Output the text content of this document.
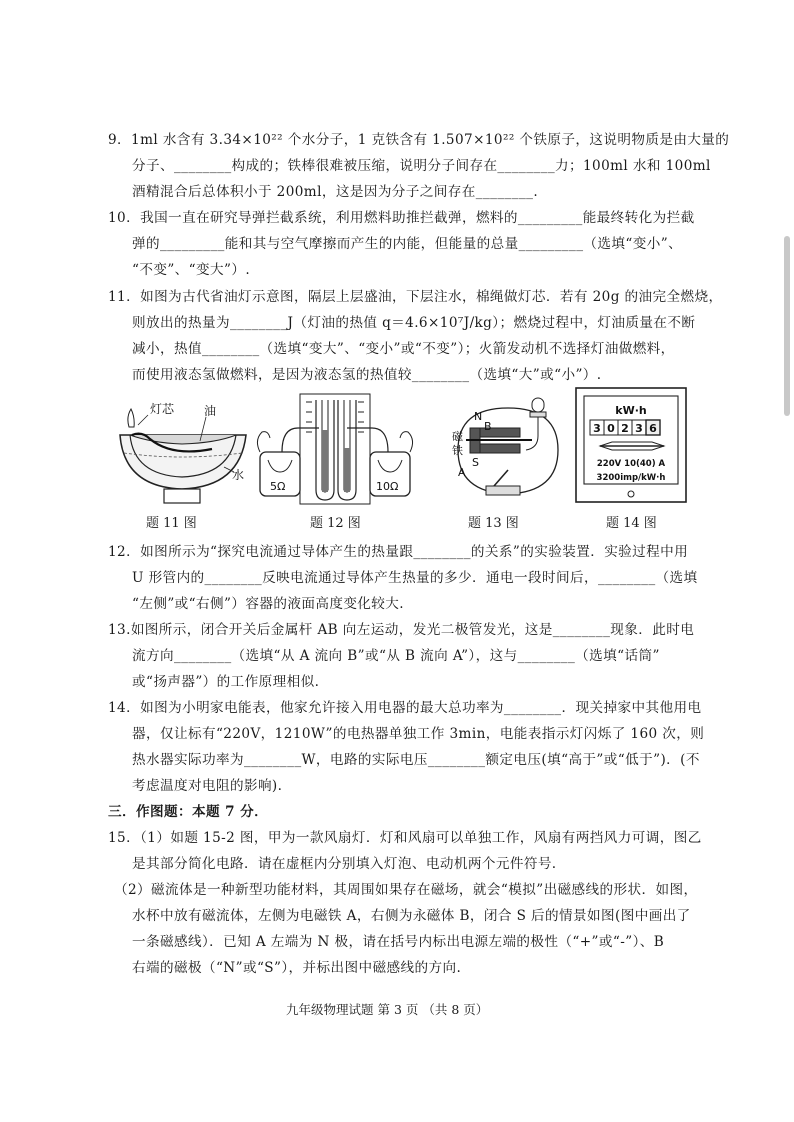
9．1ml 水含有 3.34×10²² 个水分子，1 克铁含有 1.507×10²² 个铁原子，这说明物质是由大量的
分子、________构成的；铁棒很难被压缩，说明分子间存在________力；100ml 水和 100ml
酒精混合后总体积小于 200ml，这是因为分子之间存在________.
10．我国一直在研究导弹拦截系统，利用燃料助推拦截弹，燃料的_________能最终转化为拦截
弹的_________能和其与空气摩擦而产生的内能，但能量的总量_________（选填“变小”、
“不变”、“变大”）.
11．如图为古代省油灯示意图，隔层上层盛油，下层注水，棉绳做灯芯．若有 20g 的油完全燃烧，
则放出的热量为________J（灯油的热值 q＝4.6×10⁷J/kg）；燃烧过程中，灯油质量在不断
减小，热值________（选填“变大”、“变小”或“不变”）；火箭发动机不选择灯油做燃料，
而使用液态氢做燃料，是因为液态氢的热值较________（选填“大”或“小”）.
灯芯 油
水
5Ω	10Ω
N
B
磁
铁
A
S
kW·h
3 0 2 3 6
220V 10(40) A
3200imp/kW·h
题 11 图	题 12 图	题 13 图	题 14 图
12．如图所示为“探究电流通过导体产生的热量跟________的关系”的实验装置．实验过程中用
U 形管内的________反映电流通过导体产生热量的多少．通电一段时间后，________（选填
“左侧”或“右侧”）容器的液面高度变化较大.
13.如图所示，闭合开关后金属杆 AB 向左运动，发光二极管发光，这是________现象．此时电
流方向________（选填“从 A 流向 B”或“从 B 流向 A”），这与________（选填“话筒”
或“扬声器”）的工作原理相似.
14．如图为小明家电能表，他家允许接入用电器的最大总功率为________．现关掉家中其他用电
器，仅让标有“220V，1210W”的电热器单独工作 3min，电能表指示灯闪烁了 160 次，则
热水器实际功率为________W，电路的实际电压________额定电压(填“高于”或“低于”)．(不
考虑温度对电阻的影响).
三．作图题：本题 7 分．
15．（1）如题 15-2 图，甲为一款风扇灯．灯和风扇可以单独工作，风扇有两挡风力可调，图乙
是其部分简化电路．请在虚框内分别填入灯泡、电动机两个元件符号.
（2）磁流体是一种新型功能材料，其周围如果存在磁场，就会“模拟”出磁感线的形状．如图，
水杯中放有磁流体，左侧为电磁铁 A，右侧为永磁体 B，闭合 S 后的情景如图(图中画出了
一条磁感线）．已知 A 左端为 N 极，请在括号内标出电源左端的极性（“+”或“-”）、B
右端的磁极（“N”或“S”），并标出图中磁感线的方向.
九年级物理试题 第 3 页 （共 8 页）
